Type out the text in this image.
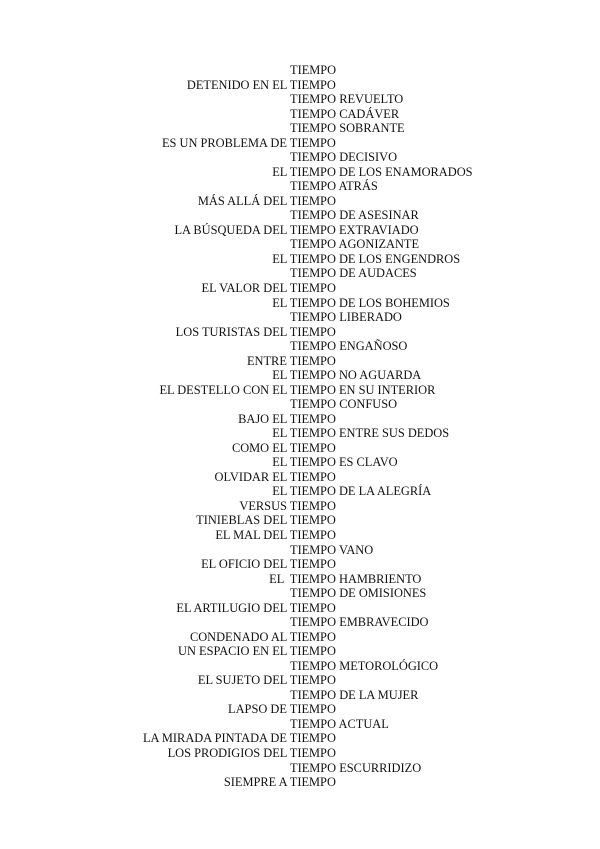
TIEMPO
DETENIDO EN EL TIEMPO
TIEMPO REVUELTO
TIEMPO CADÁVER
TIEMPO SOBRANTE
ES UN PROBLEMA DE TIEMPO
TIEMPO DECISIVO
EL TIEMPO DE LOS ENAMORADOS
TIEMPO ATRÁS
MÁS ALLÁ DEL TIEMPO
TIEMPO DE ASESINAR
LA BÚSQUEDA DEL TIEMPO EXTRAVIADO
TIEMPO AGONIZANTE
EL TIEMPO DE LOS ENGENDROS
TIEMPO DE AUDACES
EL VALOR DEL TIEMPO
EL TIEMPO DE LOS BOHEMIOS
TIEMPO LIBERADO
LOS TURISTAS DEL TIEMPO
TIEMPO ENGAÑOSO
ENTRE TIEMPO
EL TIEMPO NO AGUARDA
EL DESTELLO CON EL TIEMPO EN SU INTERIOR
TIEMPO CONFUSO
BAJO EL TIEMPO
EL TIEMPO ENTRE SUS DEDOS
COMO EL TIEMPO
EL TIEMPO ES CLAVO
OLVIDAR EL TIEMPO
EL TIEMPO DE LA ALEGRÍA
VERSUS TIEMPO
TINIEBLAS DEL TIEMPO
EL MAL DEL TIEMPO
TIEMPO VANO
EL OFICIO DEL TIEMPO
EL  TIEMPO HAMBRIENTO
TIEMPO DE OMISIONES
EL ARTILUGIO DEL TIEMPO
TIEMPO EMBRAVECIDO
CONDENADO AL TIEMPO
UN ESPACIO EN EL TIEMPO
TIEMPO METOROLÓGICO
EL SUJETO DEL TIEMPO
TIEMPO DE LA MUJER
LAPSO DE TIEMPO
TIEMPO ACTUAL
LA MIRADA PINTADA DE TIEMPO
LOS PRODIGIOS DEL TIEMPO
TIEMPO ESCURRIDIZO
SIEMPRE A TIEMPO
